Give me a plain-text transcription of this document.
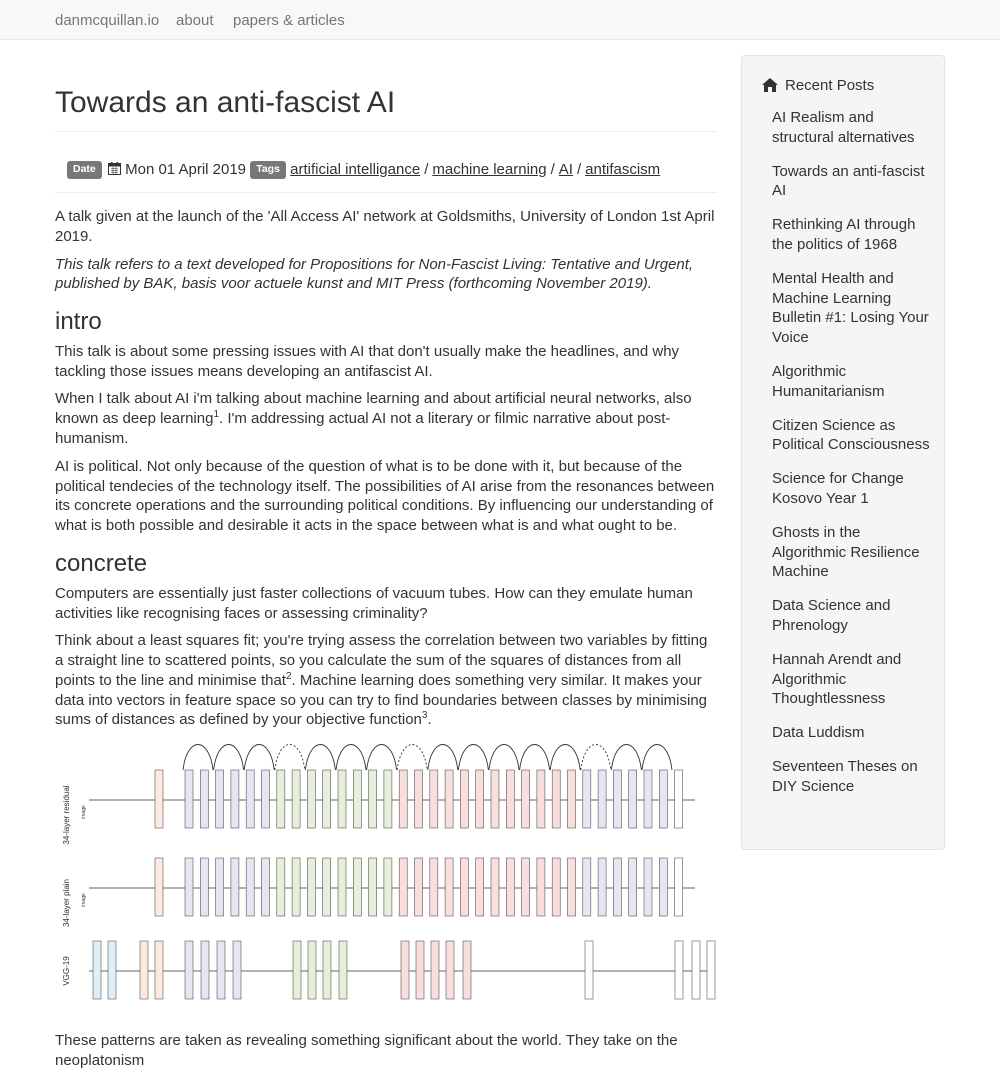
danmcquillan.io about papers & articles
Towards an anti-fascist AI
Date Mon 01 April 2019 Tags artificial intelligance / machine learning / AI / antifascism

A talk given at the launch of the 'All Access AI' network at Goldsmiths, University of London 1st April 2019.

This talk refers to a text developed for Propositions for Non-Fascist Living: Tentative and Urgent, published by BAK, basis voor actuele kunst and MIT Press (forthcoming November 2019).

intro

This talk is about some pressing issues with AI that don't usually make the headlines, and why tackling those issues means developing an antifascist AI.

When I talk about AI i'm talking about machine learning and about artificial neural networks, also known as deep learning$^1$. I'm addressing actual AI not a literary or filmic narrative about post-humanism.

AI is political. Not only because of the question of what is to be done with it, but because of the political tendecies of the technology itself. The possibilities of AI arise from the resonances between its concrete operations and the surrounding political conditions. By influencing our understanding of what is both possible and desirable it acts in the space between what is and what ought to be.

concrete

Computers are essentially just faster collections of vacuum tubes. How can they emulate human activities like recognising faces or assessing criminality?

Think about a least squares fit; you're trying assess the correlation between two variables by fitting a straight line to scattered points, so you calculate the sum of the squares of distances from all points to the line and minimise that$^2$. Machine learning does something very similar. It makes your data into vectors in feature space so you can try to find boundaries between classes by minimising sums of distances as defined by your objective function$^3$.

34-layer residual image
34-layer plain image
VGG-19

These patterns are taken as revealing something significant about the world. They take on the neoplatonism

Recent Posts
AI Realism and structural alternatives
Towards an anti-fascist AI
Rethinking AI through the politics of 1968
Mental Health and Machine Learning Bulletin #1: Losing Your Voice
Algorithmic Humanitarianism
Citizen Science as Political Consciousness
Science for Change Kosovo Year 1
Ghosts in the Algorithmic Resilience Machine
Data Science and Phrenology
Hannah Arendt and Algorithmic Thoughtlessness
Data Luddism
Seventeen Theses on DIY Science
